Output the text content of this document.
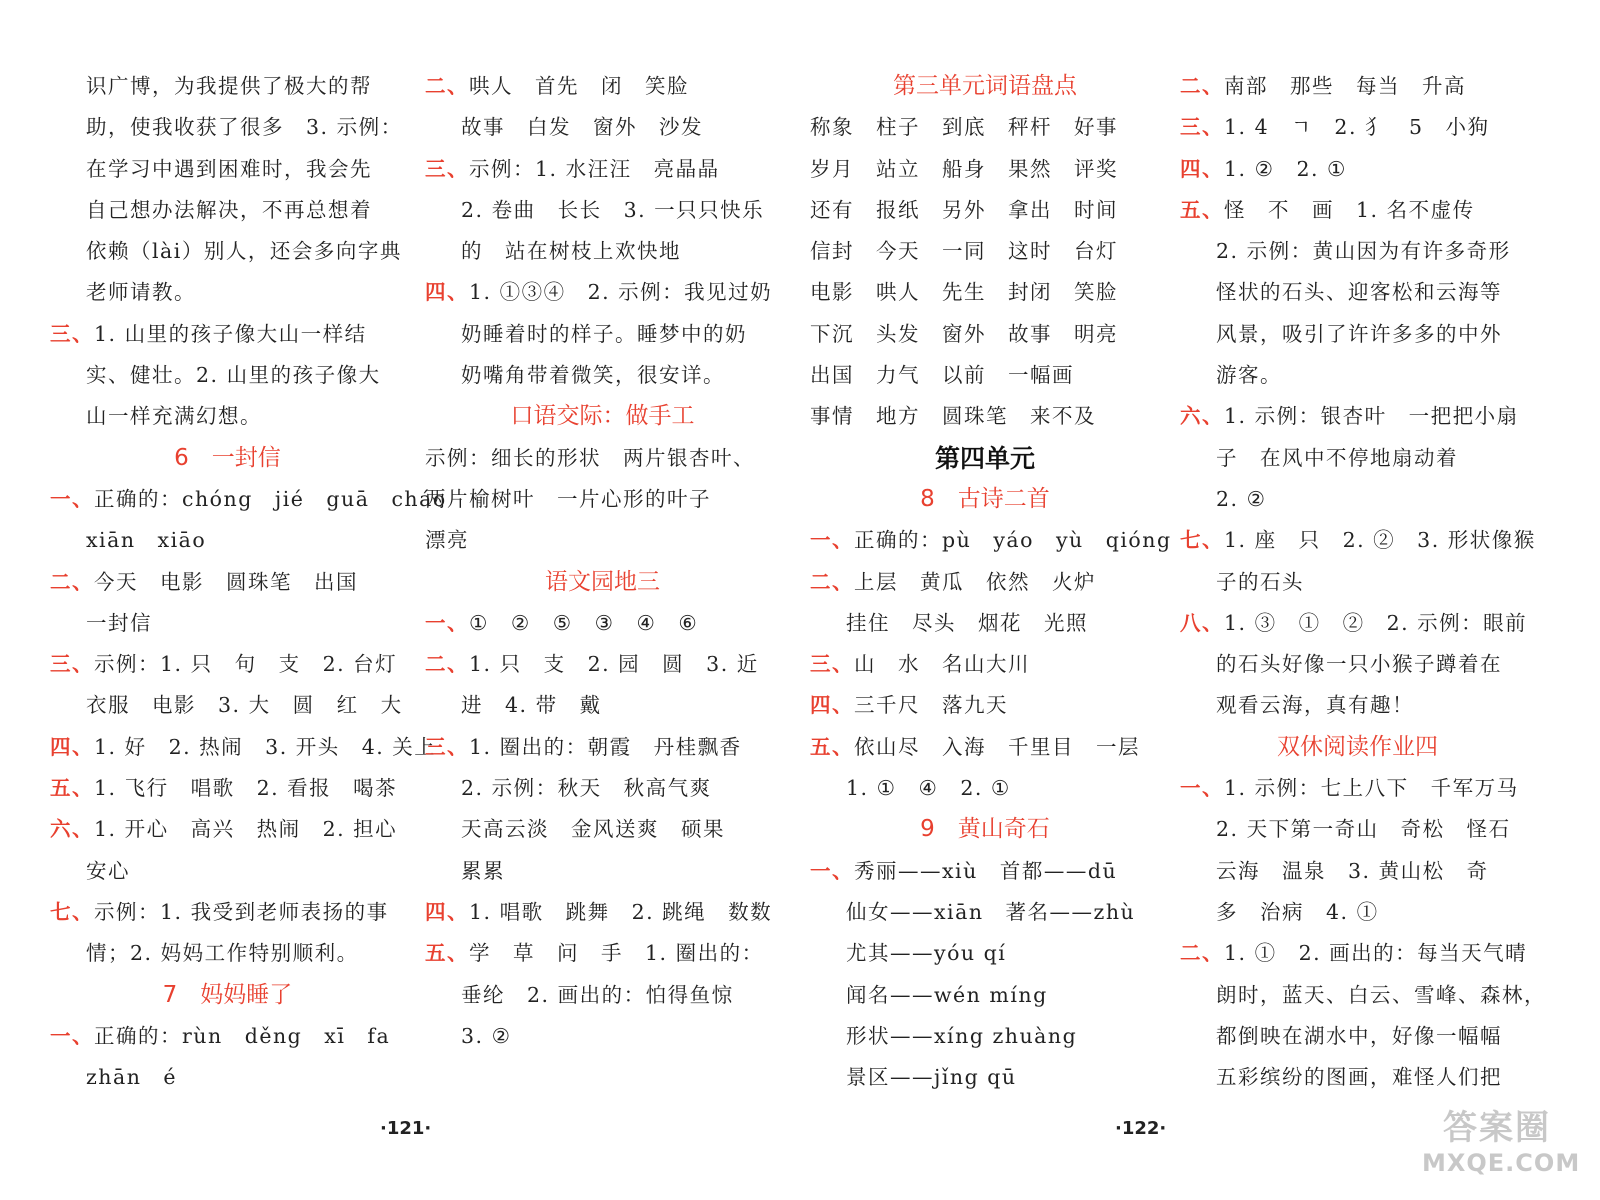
识广博，为我提供了极大的帮
助，使我收获了很多　3. 示例：
在学习中遇到困难时，我会先
自己想办法解决，不再总想着
依赖（lài）别人，还会多向字典
老师请教。
三、1. 山里的孩子像大山一样结
实、健壮。2. 山里的孩子像大
山一样充满幻想。
6　一封信
一、正确的：chóng　jié　guā　cháo
xiān　xiāo
二、今天　电影　圆珠笔　出国
一封信
三、示例：1. 只　句　支　2. 台灯
衣服　电影　3. 大　圆　红　大
四、1. 好　2. 热闹　3. 开头　4. 关上
五、1. 飞行　唱歌　2. 看报　喝茶
六、1. 开心　高兴　热闹　2. 担心
安心
七、示例：1. 我受到老师表扬的事
情；2. 妈妈工作特别顺利。
7　妈妈睡了
一、正确的：rùn　děng　xī　fa
zhān　é
二、哄人　首先　闭　笑脸
故事　白发　窗外　沙发
三、示例：1. 水汪汪　亮晶晶
2. 卷曲　长长　3. 一只只快乐
的　站在树枝上欢快地
四、1. ①③④　2. 示例：我见过奶
奶睡着时的样子。睡梦中的奶
奶嘴角带着微笑，很安详。
口语交际：做手工
示例：细长的形状　两片银杏叶、
两片榆树叶　一片心形的叶子
漂亮
语文园地三
一、①　②　⑤　③　④　⑥
二、1. 只　支　2. 园　圆　3. 近
进　4. 带　戴
三、1. 圈出的：朝霞　丹桂飘香
2. 示例：秋天　秋高气爽
天高云淡　金风送爽　硕果
累累
四、1. 唱歌　跳舞　2. 跳绳　数数
五、学　草　问　手　1. 圈出的：
垂纶　2. 画出的：怕得鱼惊
3. ②
第三单元词语盘点
称象　柱子　到底　秤杆　好事
岁月　站立　船身　果然　评奖
还有　报纸　另外　拿出　时间
信封　今天　一同　这时　台灯
电影　哄人　先生　封闭　笑脸
下沉　头发　窗外　故事　明亮
出国　力气　以前　一幅画
事情　地方　圆珠笔　来不及
第四单元
8　古诗二首
一、正确的：pù　yáo　yù　qióng
二、上层　黄瓜　依然　火炉
挂住　尽头　烟花　光照
三、山　水　名山大川
四、三千尺　落九天
五、依山尽　入海　千里目　一层
1. ①　④　2. ①
9　黄山奇石
一、秀丽——xiù　首都——dū
仙女——xiān　著名——zhù
尤其——yóu qí
闻名——wén míng
形状——xíng zhuàng
景区——jǐng qū
二、南部　那些　每当　升高
三、1. 4　ㄱ　2. 犭　5　小狗
四、1. ②　2. ①
五、怪　不　画　1. 名不虚传
2. 示例：黄山因为有许多奇形
怪状的石头、迎客松和云海等
风景，吸引了许许多多的中外
游客。
六、1. 示例：银杏叶　一把把小扇
子　在风中不停地扇动着
2. ②
七、1. 座　只　2. ②　3. 形状像猴
子的石头
八、1. ③　①　②　2. 示例：眼前
的石头好像一只小猴子蹲着在
观看云海，真有趣！
双休阅读作业四
一、1. 示例：七上八下　千军万马
2. 天下第一奇山　奇松　怪石
云海　温泉　3. 黄山松　奇
多　治病　4. ①
二、1. ①　2. 画出的：每当天气晴
朗时，蓝天、白云、雪峰、森林，
都倒映在湖水中，好像一幅幅
五彩缤纷的图画，难怪人们把
·121·	·122·	答案圈
MXQE.COM
